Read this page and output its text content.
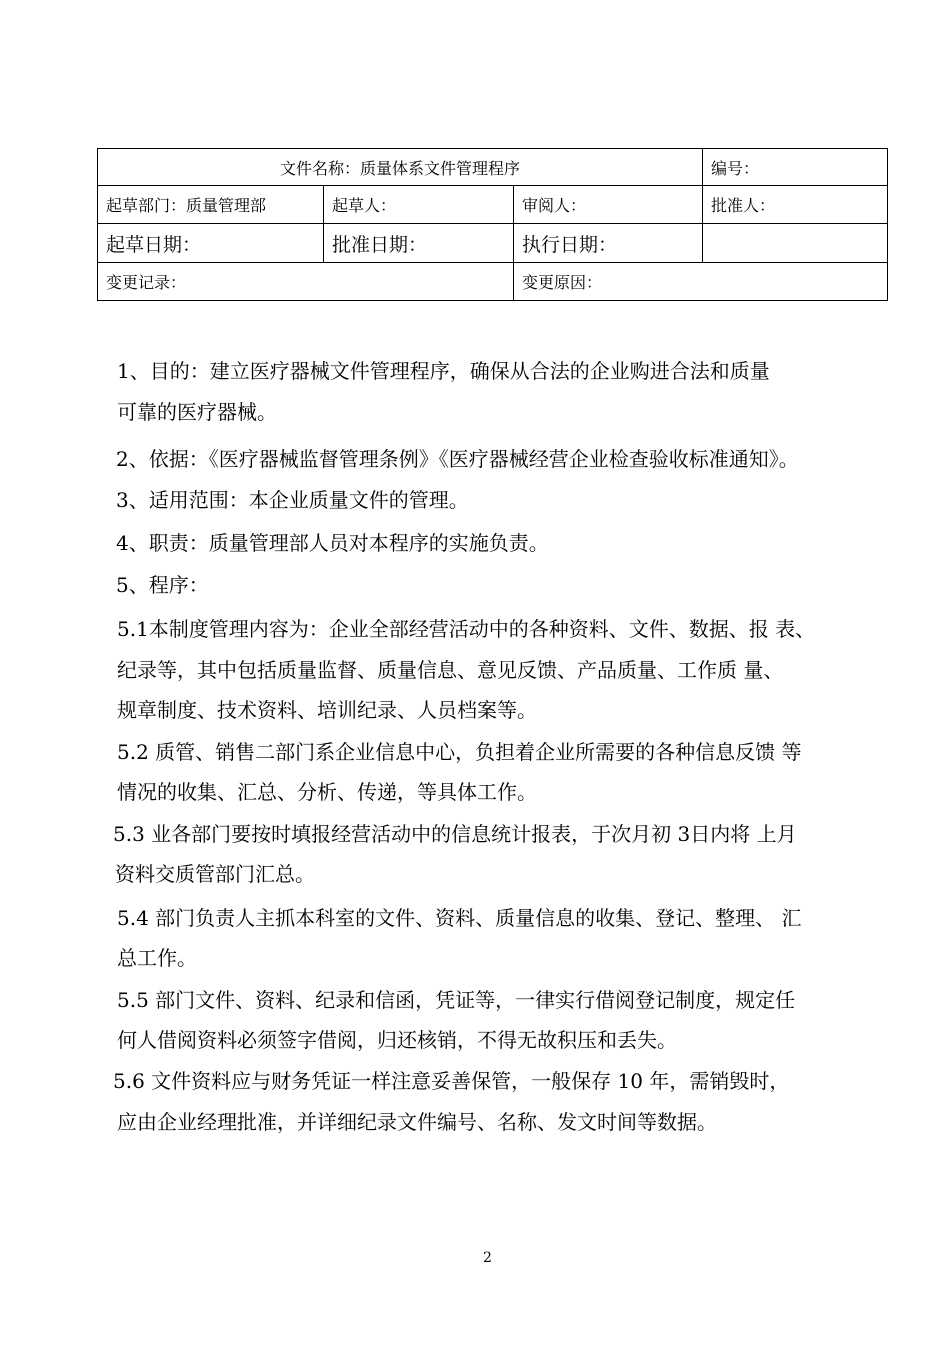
文件名称：质量体系文件管理程序			编号：
起草部门：质量管理部	起草人：	审阅人：	批准人：
起草日期：	批准日期：	执行日期：	
变更记录：		变更原因：	
1、目的：建立医疗器械文件管理程序，确保从合法的企业购进合法和质量
可靠的医疗器械。
2、依据：《医疗器械监督管理条例》《医疗器械经营企业检查验收标准通知》。
3、适用范围：本企业质量文件的管理。
4、职责：质量管理部人员对本程序的实施负责。
5、程序：
5.1本制度管理内容为：企业全部经营活动中的各种资料、文件、数据、报 表、
纪录等，其中包括质量监督、质量信息、意见反馈、产品质量、工作质 量、
规章制度、技术资料、培训纪录、人员档案等。
5.2 质管、销售二部门系企业信息中心，负担着企业所需要的各种信息反馈 等
情况的收集、汇总、分析、传递，等具体工作。
5.3 业各部门要按时填报经营活动中的信息统计报表，于次月初 3日内将 上月
资料交质管部门汇总。
5.4 部门负责人主抓本科室的文件、资料、质量信息的收集、登记、整理、 汇
总工作。
5.5 部门文件、资料、纪录和信函，凭证等，一律实行借阅登记制度，规定任
何人借阅资料必须签字借阅，归还核销，不得无故积压和丢失。
5.6 文件资料应与财务凭证一样注意妥善保管，一般保存 10 年，需销毁时，
应由企业经理批准，并详细纪录文件编号、名称、发文时间等数据。
2
